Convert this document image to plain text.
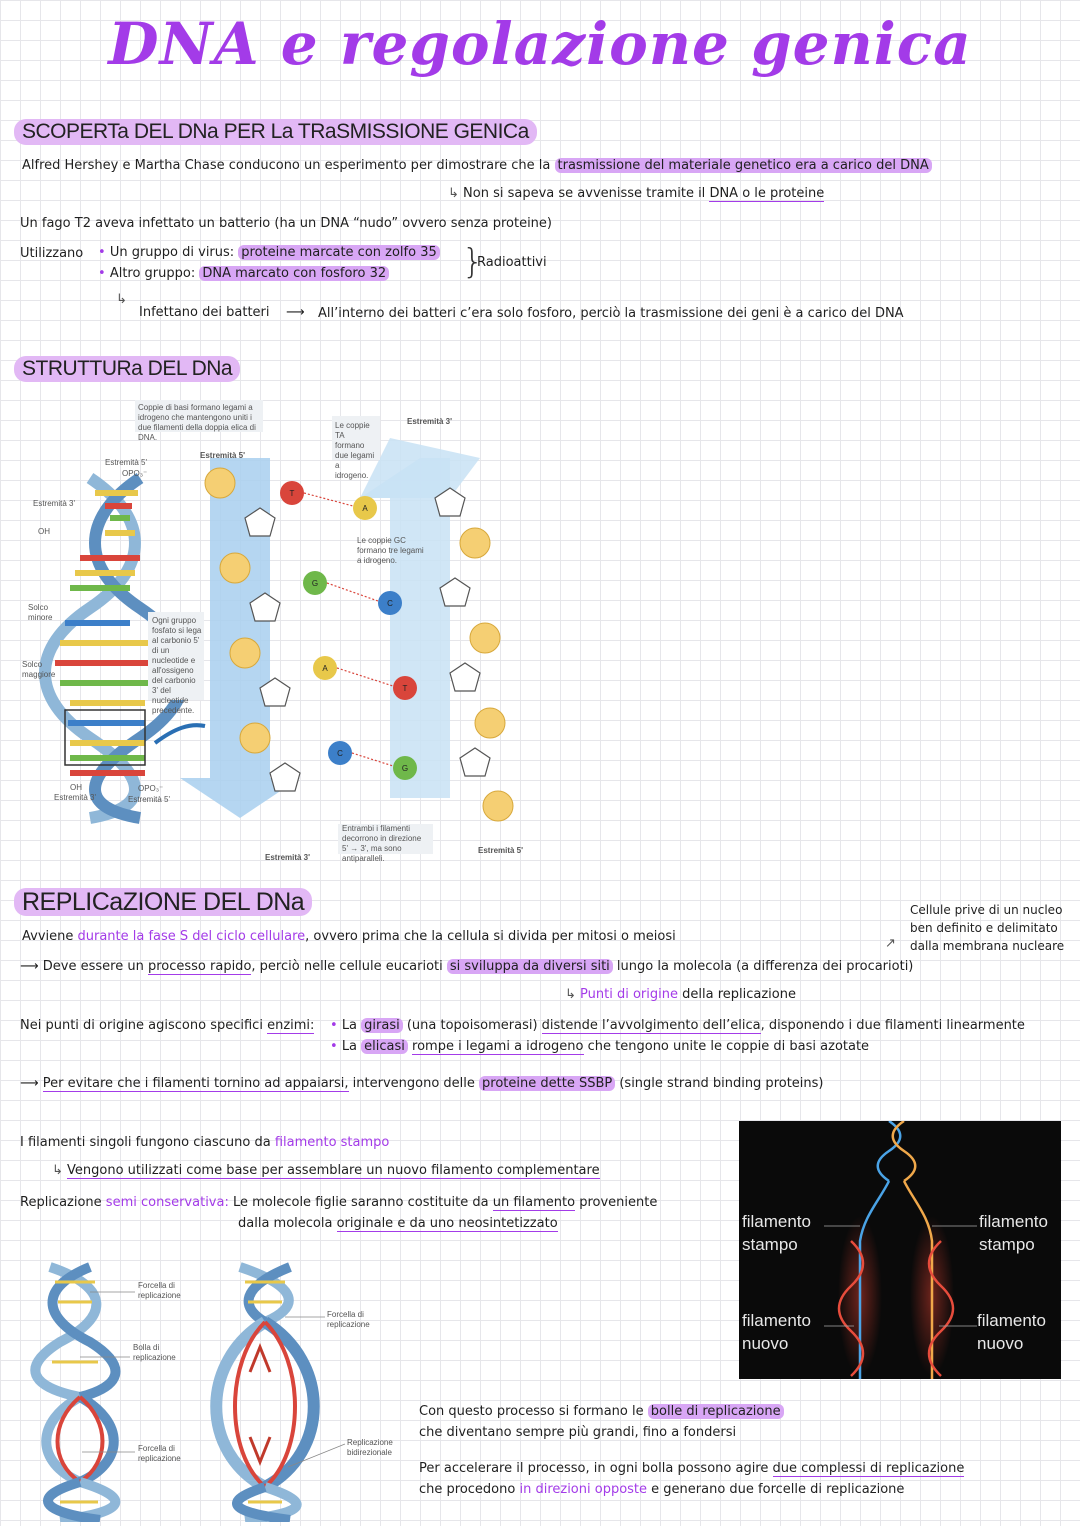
DNA e regolazione genica
SCOPERTa DEL DNa PER La TRaSMISSIONE GENICa
Alfred Hershey e Martha Chase conducono un esperimento per dimostrare che la trasmissione del materiale genetico era a carico del DNA
↳ Non si sapeva se avvenisse tramite il DNA o le proteine
Un fago T2 aveva infettato un batterio (ha un DNA “nudo” ovvero senza proteine)
Utilizzano • Un gruppo di virus: proteine marcate con zolfo 35
• Altro gruppo: DNA marcato con fosforo 32 }
Radioattivi
↳
Infettano dei batteri ⟶ All’interno dei batteri c’era solo fosforo, perciò la trasmissione dei geni è a carico del DNA
STRUTTURa DEL DNa
T
A
G
C
A
T
C
G
Coppie di basi formano legami a idrogeno che mantengono uniti i due filamenti della doppia elica di DNA.
Le coppie TA formano due legami a idrogeno.
Le coppie GC formano tre legami a idrogeno.
Ogni gruppo fosfato si lega al carbonio 5' di un nucleotide e all'ossigeno del carbonio 3' del nucleotide precedente.
Entrambi i filamenti decorrono in direzione 5' → 3', ma sono antiparalleli.
Estremità 5'
OPO₃⁻
Estremità 3'
OH
Solco minore
Solco maggiore
OH
Estremità 3'
OPO₃⁻
Estremità 5'
Estremità 5'
Estremità 3'
Estremità 3'
Estremità 5'
REPLICaZIONE DEL DNa	Cellule prive di un nucleo
ben definito e delimitato
dalla membrana nucleare
↗
Avviene durante la fase S del ciclo cellulare, ovvero prima che la cellula si divida per mitosi o meiosi
⟶ Deve essere un processo rapido, perciò nelle cellule eucarioti si sviluppa da diversi siti lungo la molecola (a differenza dei procarioti)
↳ Punti di origine della replicazione
Nei punti di origine agiscono specifici enzimi: • La girasi (una topoisomerasi) distende l’avvolgimento dell’elica, disponendo i due filamenti linearmente
• La elicasi rompe i legami a idrogeno che tengono unite le coppie di basi azotate
⟶ Per evitare che i filamenti tornino ad appaiarsi, intervengono delle proteine dette SSBP (single strand binding proteins)
I filamenti singoli fungono ciascuno da filamento stampo
↳ Vengono utilizzati come base per assemblare un nuovo filamento complementare
Replicazione semi conservativa: Le molecole figlie saranno costituite da un filamento proveniente
dalla molecola originale e da uno neosintetizzato	filamento stampo
filamento stampo
filamento nuovo
filamento nuovo
Forcella di replicazione
Bolla di replicazione
Forcella di replicazione
Forcella di replicazione
Replicazione bidirezionale
Con questo processo si formano le bolle di replicazione
che diventano sempre più grandi, fino a fondersi
Per accelerare il processo, in ogni bolla possono agire due complessi di replicazione
che procedono in direzioni opposte e generano due forcelle di replicazione
